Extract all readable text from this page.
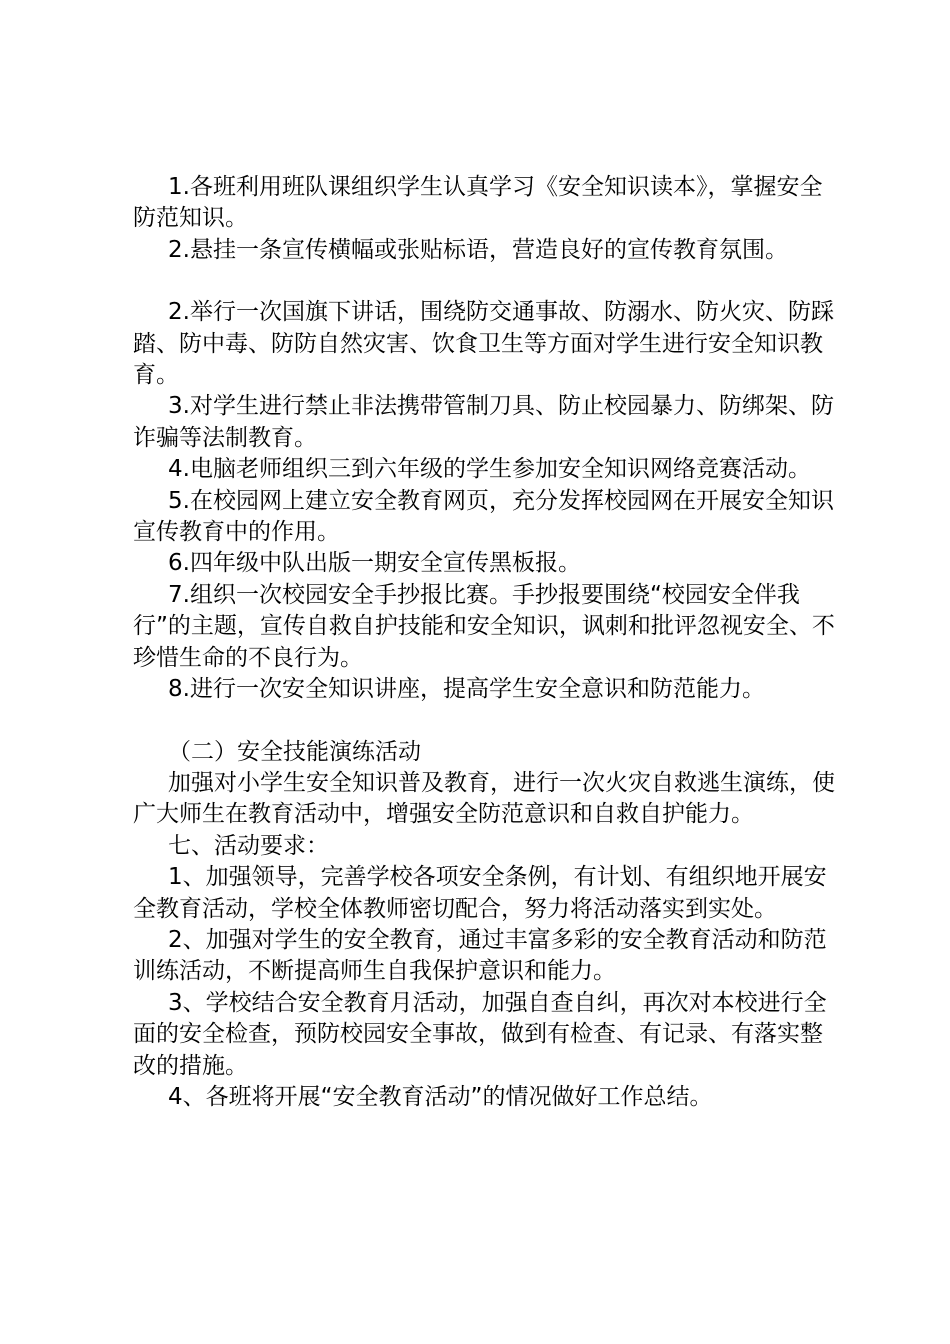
1.各班利用班队课组织学生认真学习《安全知识读本》，掌握安全防范知识。

2.悬挂一条宣传横幅或张贴标语，营造良好的宣传教育氛围。

2.举行一次国旗下讲话，围绕防交通事故、防溺水、防火灾、防踩踏、防中毒、防防自然灾害、饮食卫生等方面对学生进行安全知识教育。

3.对学生进行禁止非法携带管制刀具、防止校园暴力、防绑架、防诈骗等法制教育。

4.电脑老师组织三到六年级的学生参加安全知识网络竞赛活动。

5.在校园网上建立安全教育网页，充分发挥校园网在开展安全知识宣传教育中的作用。

6.四年级中队出版一期安全宣传黑板报。

7.组织一次校园安全手抄报比赛。手抄报要围绕“校园安全伴我行”的主题，宣传自救自护技能和安全知识，讽刺和批评忽视安全、不珍惜生命的不良行为。

8.进行一次安全知识讲座，提高学生安全意识和防范能力。

（二）安全技能演练活动

加强对小学生安全知识普及教育，进行一次火灾自救逃生演练，使广大师生在教育活动中，增强安全防范意识和自救自护能力。

七、活动要求：

1、加强领导，完善学校各项安全条例，有计划、有组织地开展安全教育活动，学校全体教师密切配合，努力将活动落实到实处。

2、加强对学生的安全教育，通过丰富多彩的安全教育活动和防范训练活动，不断提高师生自我保护意识和能力。

3、学校结合安全教育月活动，加强自查自纠，再次对本校进行全面的安全检查，预防校园安全事故，做到有检查、有记录、有落实整改的措施。

4、各班将开展“安全教育活动”的情况做好工作总结。
